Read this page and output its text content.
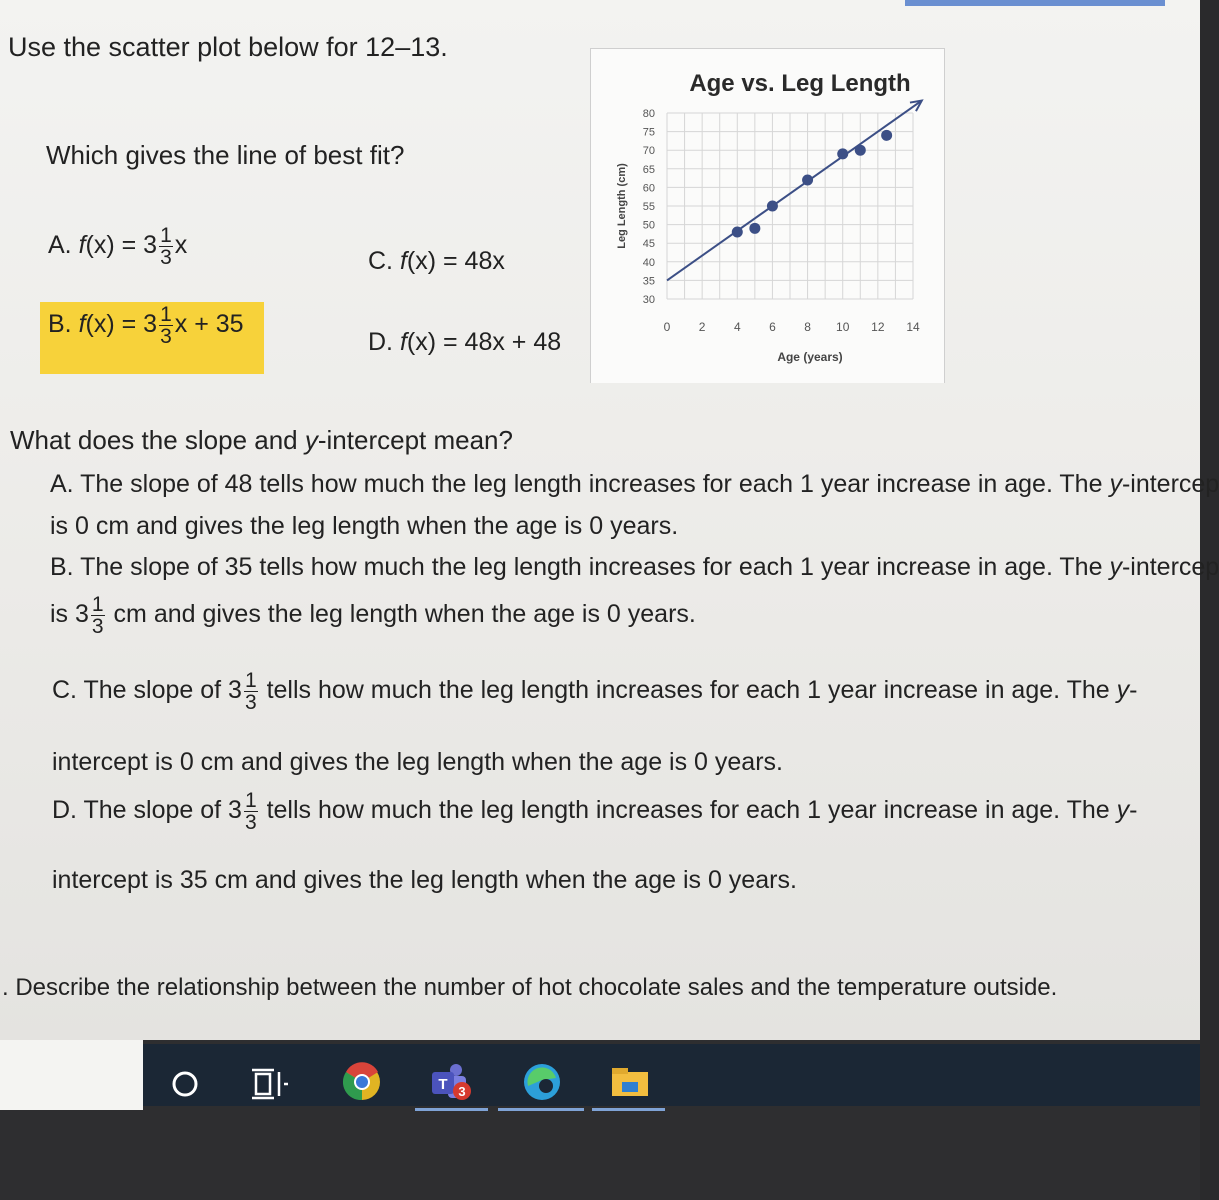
Use the scatter plot below for 12–13.
Which gives the line of best fit?
A. $f(x) = 3 \frac{1}{3}$ x
B. $f(x) = 3 \frac{1}{3}$ x + 35
C. f(x) = 48x
D. f(x) = 48x + 48
Age vs. Leg Length
30
35
40
45
50
55
60
65
70
75
80
0 2 4 6 8 10 12 14
Age (years)
Leg Length (cm)
What does the slope and y-intercept mean?
A. The slope of 48 tells how much the leg length increases for each 1 year increase in age. The y-intercep
is 0 cm and gives the leg length when the age is 0 years.
B. The slope of 35 tells how much the leg length increases for each 1 year increase in age. The y-intercep
is $3 \frac{1}{3}$ cm and gives the leg length when the age is 0 years.
C. The slope of $3 \frac{1}{3}$ tells how much the leg length increases for each 1 year increase in age. The y-
intercept is 0 cm and gives the leg length when the age is 0 years.
D. The slope of $3 \frac{1}{3}$ tells how much the leg length increases for each 1 year increase in age. The y-
intercept is 35 cm and gives the leg length when the age is 0 years.
. Describe the relationship between the number of hot chocolate sales and the temperature outside.
T 3
